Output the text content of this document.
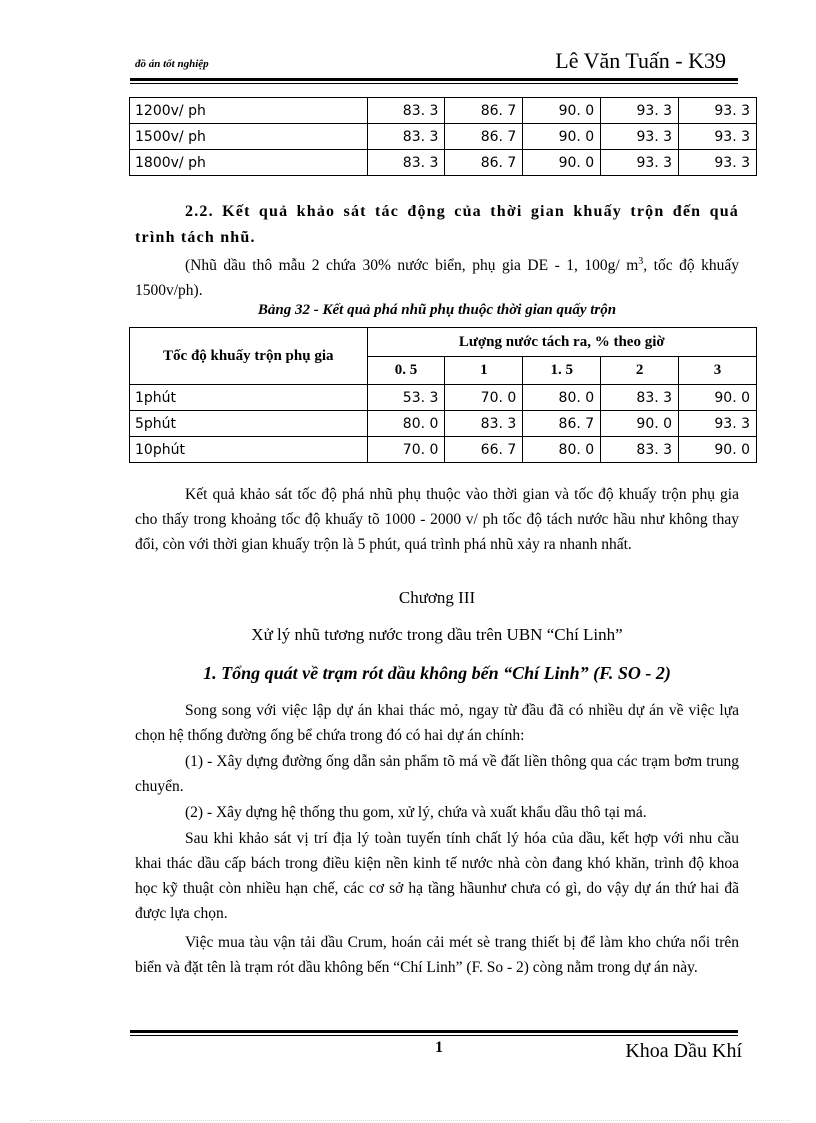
đồ án tốt nghiệp	Lê Văn Tuấn - K39
1200v/ ph	83. 3	86. 7	90. 0	93. 3	93. 3
1500v/ ph	83. 3	86. 7	90. 0	93. 3	93. 3
1800v/ ph	83. 3	86. 7	90. 0	93. 3	93. 3
2.2. Kết quả khảo sát tác động của thời gian khuấy trộn đến quá trình tách nhũ.
(Nhũ dầu thô mẫu 2 chứa 30% nước biển, phụ gia DE - 1, 100g/ $m^3$, tốc độ khuấy 1500v/ph).
Bảng 32 - Kết quả phá nhũ phụ thuộc thời gian quấy trộn
Tốc độ khuấy trộn phụ gia	Lượng nước tách ra, % theo giờ				
	0. 5	1	1. 5	2	3
1phút	53. 3	70. 0	80. 0	83. 3	90. 0
5phút	80. 0	83. 3	86. 7	90. 0	93. 3
10phút	70. 0	66. 7	80. 0	83. 3	90. 0
Kết quả khảo sát tốc độ phá nhũ phụ thuộc vào thời gian và tốc độ khuấy trộn phụ gia cho thấy trong khoảng tốc độ khuấy tõ 1000 - 2000 v/ ph tốc độ tách nước hầu như không thay đổi, còn với thời gian khuấy trộn là 5 phút, quá trình phá nhũ xảy ra nhanh nhất.
Chương III
Xử lý nhũ tương nước trong dầu trên UBN “Chí Linh”
1. Tổng quát về trạm rót dầu không bến “Chí Linh” (F. SO - 2)
Song song với việc lập dự án khai thác mỏ, ngay từ đầu đã có nhiều dự án về việc lựa chọn hệ thống đường ống bể chứa trong đó có hai dự án chính:
(1) - Xây dựng đường ống dẫn sản phẩm tõ má về đất liền thông qua các trạm bơm trung chuyển.
(2) - Xây dựng hệ thống thu gom, xử lý, chứa và xuất khẩu dầu thô tại má.
Sau khi khảo sát vị trí địa lý toàn tuyến tính chất lý hóa của dầu, kết hợp với nhu cầu khai thác dầu cấp bách trong điều kiện nền kinh tế nước nhà còn đang khó khăn, trình độ khoa học kỹ thuật còn nhiều hạn chế, các cơ sở hạ tầng hầunhư chưa có gì, do vậy dự án thứ hai đã được lựa chọn.
Việc mua tàu vận tải dầu Crum, hoán cải mét sè trang thiết bị để làm kho chứa nổi trên biển và đặt tên là trạm rót dầu không bến “Chí Linh” (F. So - 2) còng nằm trong dự án này.
1	Khoa Dầu Khí
